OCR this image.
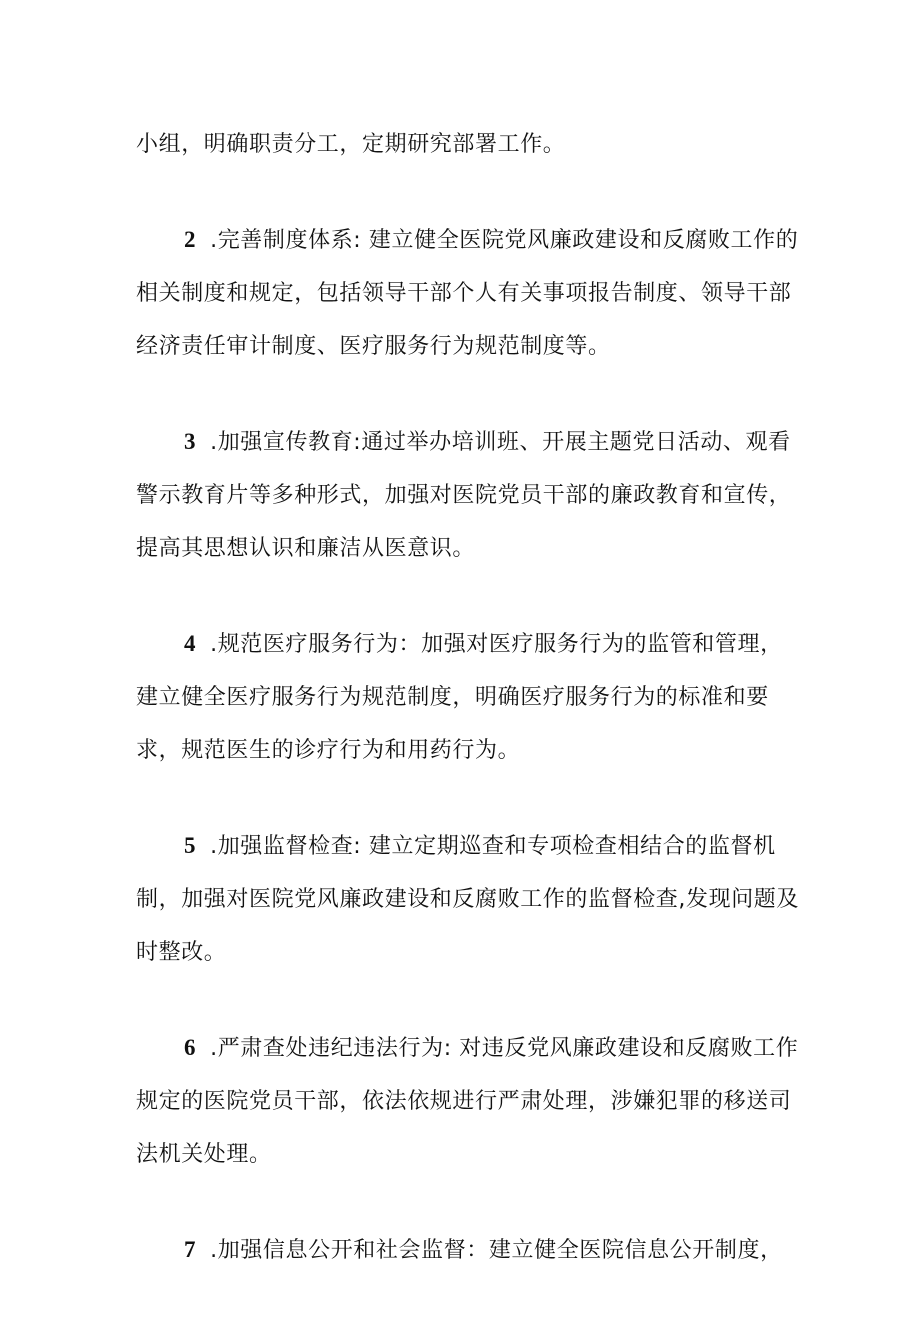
小组，明确职责分工，定期研究部署工作。

2 .完善制度体系: 建立健全医院党风廉政建设和反腐败工作的相关制度和规定，包括领导干部个人有关事项报告制度、领导干部经济责任审计制度、医疗服务行为规范制度等。

3 .加强宣传教育:通过举办培训班、开展主题党日活动、观看警示教育片等多种形式，加强对医院党员干部的廉政教育和宣传，提高其思想认识和廉洁从医意识。

4 .规范医疗服务行为：加强对医疗服务行为的监管和管理，建立健全医疗服务行为规范制度，明确医疗服务行为的标准和要求，规范医生的诊疗行为和用药行为。

5 .加强监督检查: 建立定期巡查和专项检查相结合的监督机制，加强对医院党风廉政建设和反腐败工作的监督检查,发现问题及时整改。

6 .严肃查处违纪违法行为: 对违反党风廉政建设和反腐败工作规定的医院党员干部，依法依规进行严肃处理，涉嫌犯罪的移送司法机关处理。

7 .加强信息公开和社会监督：建立健全医院信息公开制度，
